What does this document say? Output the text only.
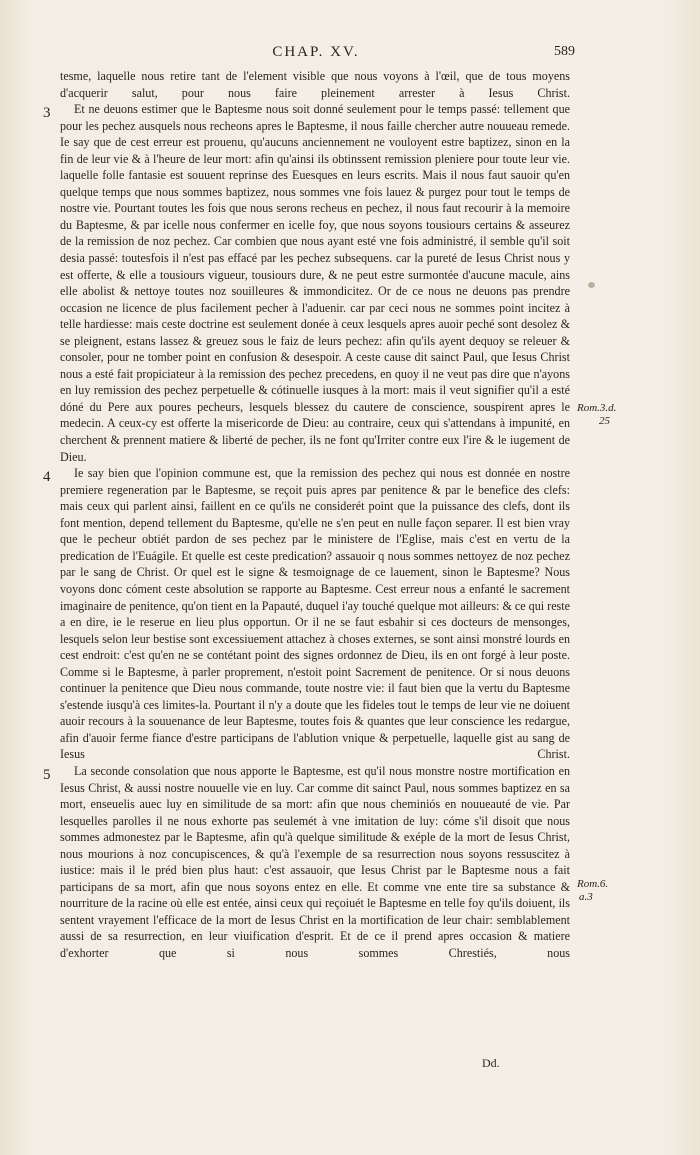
CHAP. XV.	589

tesme, laquelle nous retire tant de l'element visible que nous voyons à l'œil, que de tous moyens d'acquerir salut, pour nous faire pleinement arrester à Iesus Christ.

3	Et ne deuons estimer que le Baptesme nous soit donné seulement pour le temps passé: tellement que pour les pechez ausquels nous recheons apres le Baptesme, il nous faille chercher autre nouueau remede. Ie say que de cest erreur est prouenu, qu'aucuns anciennement ne vouloyent estre baptizez, sinon en la fin de leur vie & à l'heure de leur mort: afin qu'ainsi ils obtinssent remission pleniere pour toute leur vie. laquelle folle fantasie est souuent reprinse des Euesques en leurs escrits. Mais il nous faut sauoir qu'en quelque temps que nous sommes baptizez, nous sommes vne fois lauez & purgez pour tout le temps de nostre vie. Pourtant toutes les fois que nous serons recheus en pechez, il nous faut recourir à la memoire du Baptesme, & par icelle nous confermer en icelle foy, que nous soyons tousiours certains & asseurez de la remission de noz pechez. Car combien que nous ayant esté vne fois administré, il semble qu'il soit desia passé: toutesfois il n'est pas effacé par les pechez subsequens. car la pureté de Iesus Christ nous y est offerte, & elle a tousiours vigueur, tousiours dure, & ne peut estre surmontée d'aucune macule, ains elle abolist & nettoye toutes noz souilleures & immondicitez. Or de ce nous ne deuons pas prendre occasion ne licence de plus facilement pecher à l'aduenir. car par ceci nous ne sommes point incitez à telle hardiesse: mais ceste doctrine est seulement donée à ceux lesquels apres auoir peché sont desolez & se pleignent, estans lassez & greuez sous le faiz de leurs pechez: afin qu'ils ayent dequoy se releuer & consoler, pour ne tomber point en confusion & desespoir. A ceste cause dit sainct Paul, que Iesus Christ nous a esté fait propiciateur à la remission des pechez precedens, en quoy il ne veut pas dire que n'ayons en luy remission des pechez perpetuelle & cótinuelle iusques à la mort: mais il veut signifier qu'il a esté dóné du Pere aux poures pecheurs, lesquels blessez du cautere de conscience, souspirent apres le medecin. A ceux-cy est offerte la misericorde de Dieu: au contraire, ceux qui s'attendans à impunité, en cherchent & prennent matiere & liberté de pecher, ils ne font qu'Irriter contre eux l'ire & le iugement de Dieu.

4	Ie say bien que l'opinion commune est, que la remission des pechez qui nous est donnée en nostre premiere regeneration par le Baptesme, se reçoit puis apres par penitence & par le benefice des clefs: mais ceux qui parlent ainsi, faillent en ce qu'ils ne considerét point que la puissance des clefs, dont ils font mention, depend tellement du Baptesme, qu'elle ne s'en peut en nulle façon separer. Il est bien vray que le pecheur obtiét pardon de ses pechez par le ministere de l'Eglise, mais c'est en vertu de la predication de l'Euágile. Et quelle est ceste predication? assauoir q nous sommes nettoyez de noz pechez par le sang de Christ. Or quel est le signe & tesmoignage de ce lauement, sinon le Baptesme? Nous voyons donc cóment ceste absolution se rapporte au Baptesme. Cest erreur nous a enfanté le sacrement imaginaire de penitence, qu'on tient en la Papauté, duquel i'ay touché quelque mot ailleurs: & ce qui reste a en dire, ie le reserue en lieu plus opportun. Or il ne se faut esbahir si ces docteurs de mensonges, lesquels selon leur bestise sont excessiuement attachez à choses externes, se sont ainsi monstré lourds en cest endroit: c'est qu'en ne se contétant point des signes ordonnez de Dieu, ils en ont forgé à leur poste. Comme si le Baptesme, à parler proprement, n'estoit point Sacrement de penitence. Or si nous deuons continuer la penitence que Dieu nous commande, toute nostre vie: il faut bien que la vertu du Baptesme s'estende iusqu'à ces limites-la. Pourtant il n'y a doute que les fideles tout le temps de leur vie ne doiuent auoir recours à la souuenance de leur Baptesme, toutes fois & quantes que leur conscience les redargue, afin d'auoir ferme fiance d'estre participans de l'ablution vnique & perpetuelle, laquelle gist au sang de Iesus Christ.

5	La seconde consolation que nous apporte le Baptesme, est qu'il nous monstre nostre mortification en Iesus Christ, & aussi nostre nouuelle vie en luy. Car comme dit sainct Paul, nous sommes baptizez en sa mort, enseuelis auec luy en similitude de sa mort: afin que nous cheminiós en nouueauté de vie. Par lesquelles parolles il ne nous exhorte pas seulemét à vne imitation de luy: cóme s'il disoit que nous sommes admonestez par le Baptesme, afin qu'à quelque similitude & exéple de la mort de Iesus Christ, nous mourions à noz concupiscences, & qu'à l'exemple de sa resurrection nous soyons ressuscitez à iustice: mais il le préd bien plus haut: c'est assauoir, que Iesus Christ par le Baptesme nous a fait participans de sa mort, afin que nous soyons entez en elle. Et comme vne ente tire sa substance & nourriture de la racine où elle est entée, ainsi ceux qui reçoiuét le Baptesme en telle foy qu'ils doiuent, ils sentent vrayement l'efficace de la mort de Iesus Christ en la mortification de leur chair: semblablement aussi de sa resurrection, en leur viuification d'esprit. Et de ce il prend apres occasion & matiere d'exhorter que si nous sommes Chrestiés, nous

Rom.3.d.
25
Rom.6.
a.3
Dd.
